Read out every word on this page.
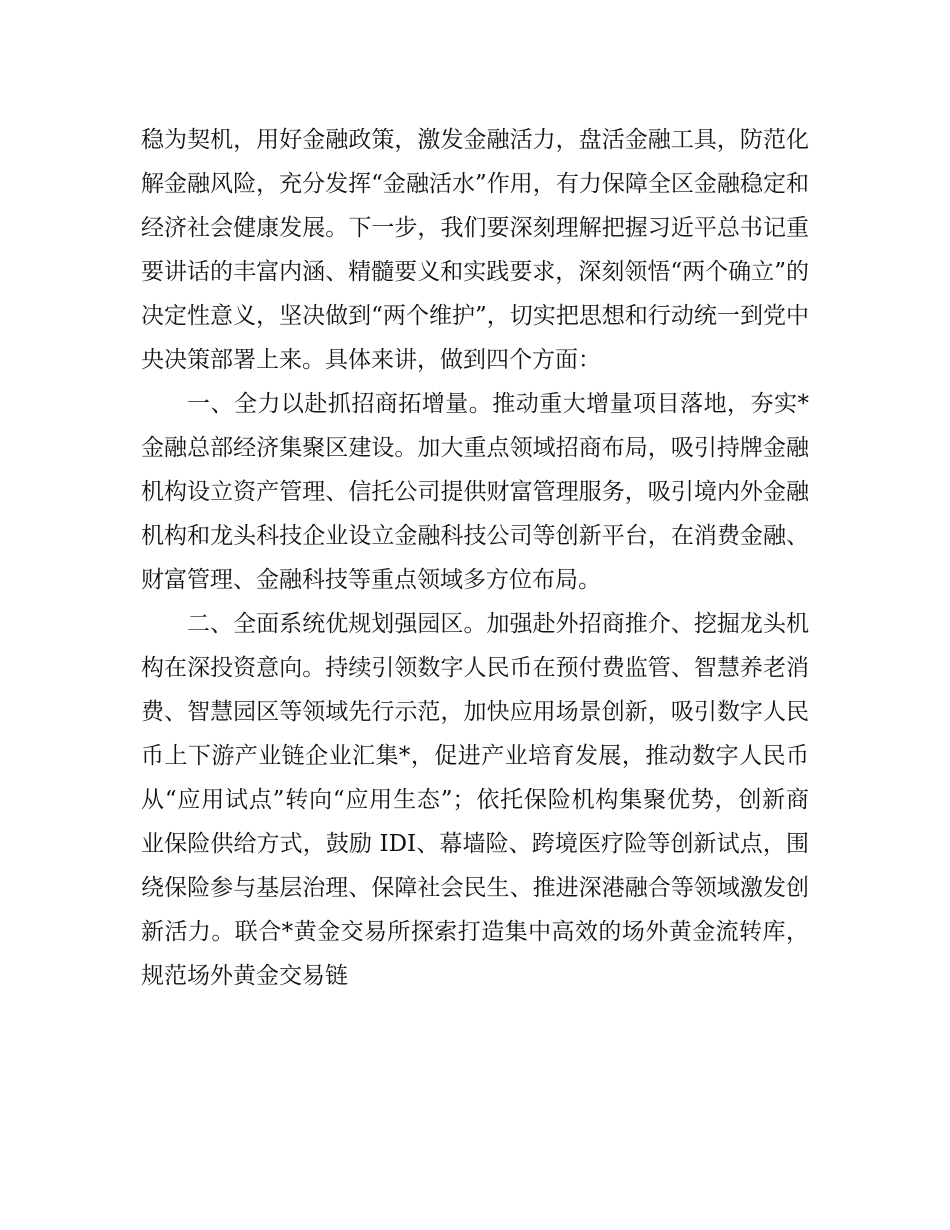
稳为契机，用好金融政策，激发金融活力，盘活金融工具，防范化解金融风险，充分发挥“金融活水”作用，有力保障全区金融稳定和经济社会健康发展。下一步，我们要深刻理解把握习近平总书记重要讲话的丰富内涵、精髓要义和实践要求，深刻领悟“两个确立”的决定性意义，坚决做到“两个维护”，切实把思想和行动统一到党中央决策部署上来。具体来讲，做到四个方面：

一、全力以赴抓招商拓增量。推动重大增量项目落地，夯实*金融总部经济集聚区建设。加大重点领域招商布局，吸引持牌金融机构设立资产管理、信托公司提供财富管理服务，吸引境内外金融机构和龙头科技企业设立金融科技公司等创新平台，在消费金融、财富管理、金融科技等重点领域多方位布局。

二、全面系统优规划强园区。加强赴外招商推介、挖掘龙头机构在深投资意向。持续引领数字人民币在预付费监管、智慧养老消费、智慧园区等领域先行示范，加快应用场景创新，吸引数字人民币上下游产业链企业汇集*，促进产业培育发展，推动数字人民币从“应用试点”转向“应用生态”；依托保险机构集聚优势，创新商业保险供给方式，鼓励 IDI、幕墙险、跨境医疗险等创新试点，围绕保险参与基层治理、保障社会民生、推进深港融合等领域激发创新活力。联合*黄金交易所探索打造集中高效的场外黄金流转库，规范场外黄金交易链
